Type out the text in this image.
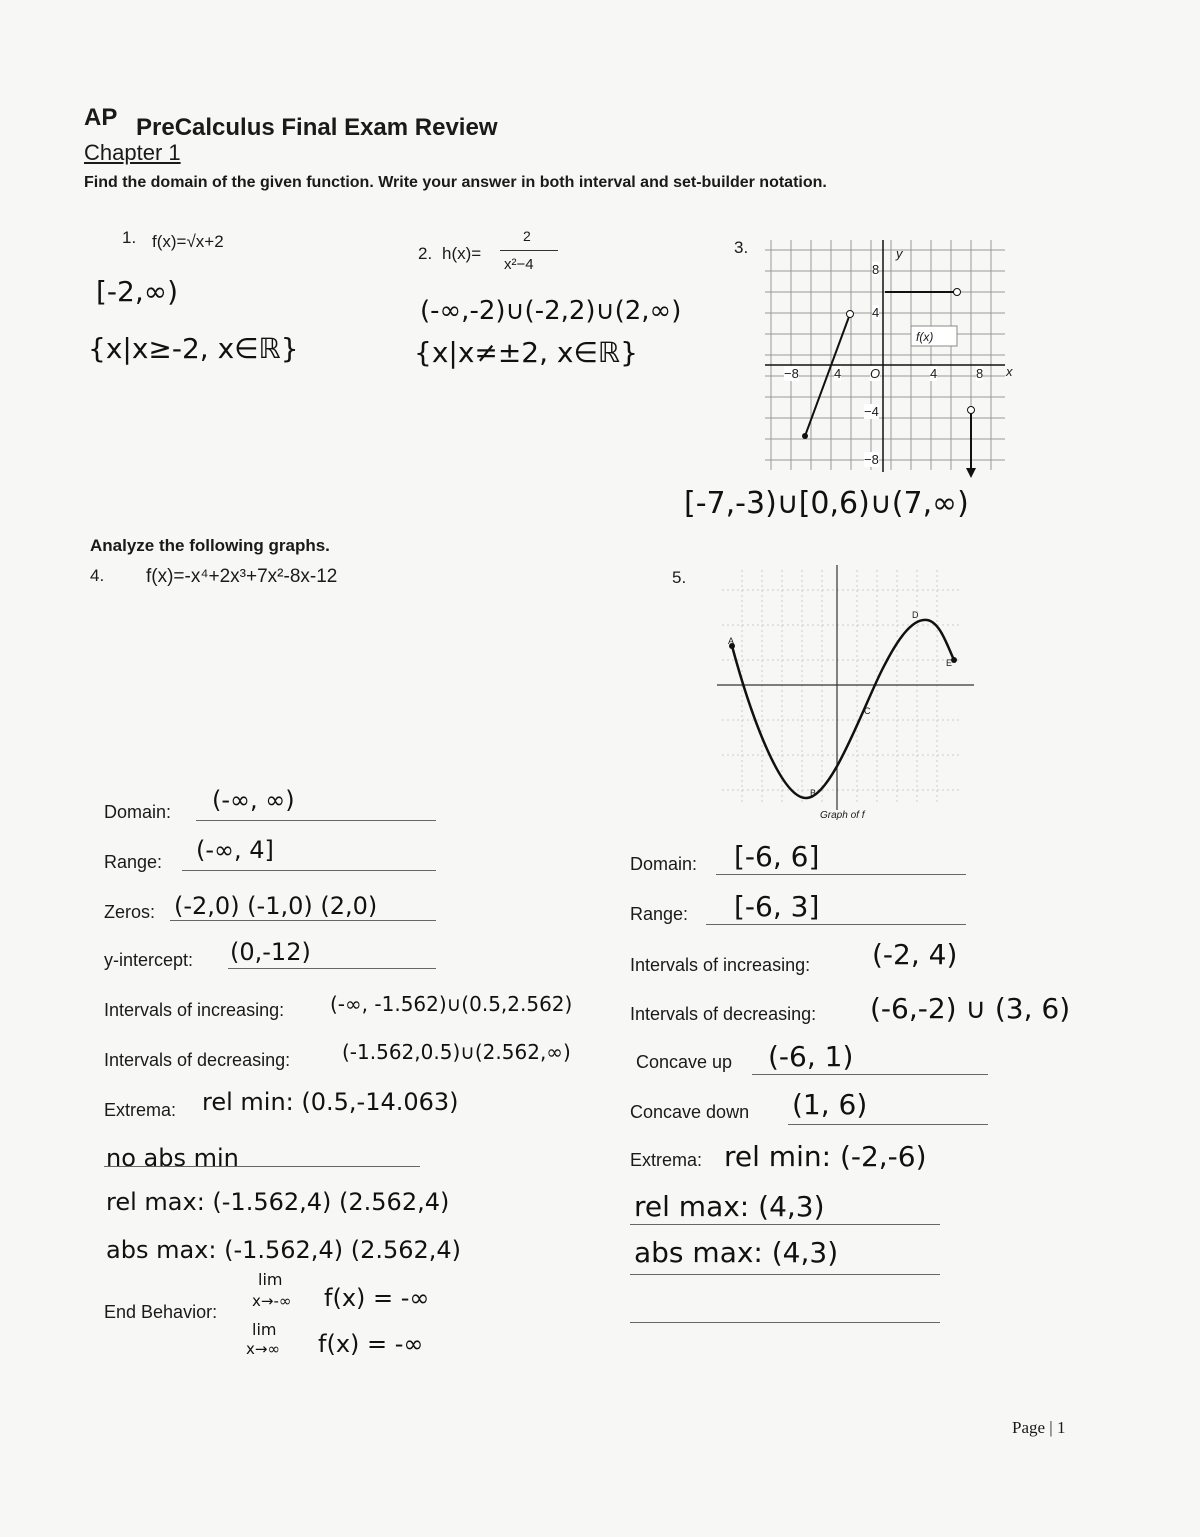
AP PreCalculus Final Exam Review
Chapter 1
Find the domain of the given function. Write your answer in both interval and set-builder notation.
1. f(x)=√x+2
[-2,∞)
{x|x≥-2, x∈ℝ}
2. h(x)=
2
x²−4
(-∞,-2)∪(-2,2)∪(2,∞)
{x|x≠±2, x∈ℝ}
3.
f(x)
y
x
−8	4 O	4	8
8
4
−4
−8
[-7,-3)∪[0,6)∪(7,∞)
Analyze the following graphs.
4. f(x)=-x⁴+2x³+7x²-8x-12	5.
A
B
C
D
E
Graph of f
Domain: (-∞, ∞)
Range: (-∞, 4]
Zeros: (-2,0) (-1,0) (2,0)
y-intercept: (0,-12)
Intervals of increasing: (-∞, -1.562)∪(0.5,2.562)
Intervals of decreasing:	(-1.562,0.5)∪(2.562,∞)
Extrema: rel min: (0.5,-14.063)
no abs min
rel max: (-1.562,4) (2.562,4)
abs max: (-1.562,4) (2.562,4)
End Behavior:
lim
x→-∞ f(x) = -∞
lim
x→∞ f(x) = -∞
Domain: [-6, 6]
Range: [-6, 3]
Intervals of increasing: (-2, 4)
Intervals of decreasing: (-6,-2) ∪ (3, 6)
Concave up (-6, 1)
Concave down (1, 6)
Extrema: rel min: (-2,-6)
rel max: (4,3)
abs max: (4,3)
Page | 1
